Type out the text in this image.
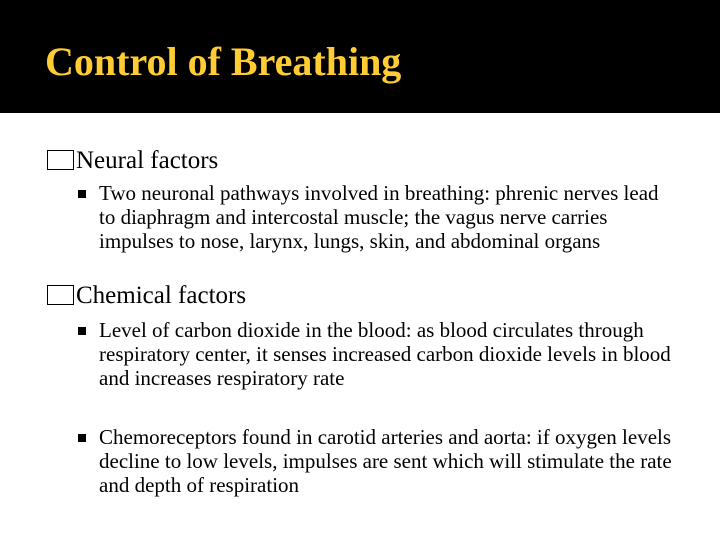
Control of Breathing
Neural factors

Two neuronal pathways involved in breathing: phrenic nerves lead to diaphragm and intercostal muscle; the vagus nerve carries impulses to nose, larynx, lungs, skin, and abdominal organs

Chemical factors

Level of carbon dioxide in the blood: as blood circulates through respiratory center, it senses increased carbon dioxide levels in blood and increases respiratory rate

Chemoreceptors found in carotid arteries and aorta: if oxygen levels decline to low levels, impulses are sent which will stimulate the rate and depth of respiration
